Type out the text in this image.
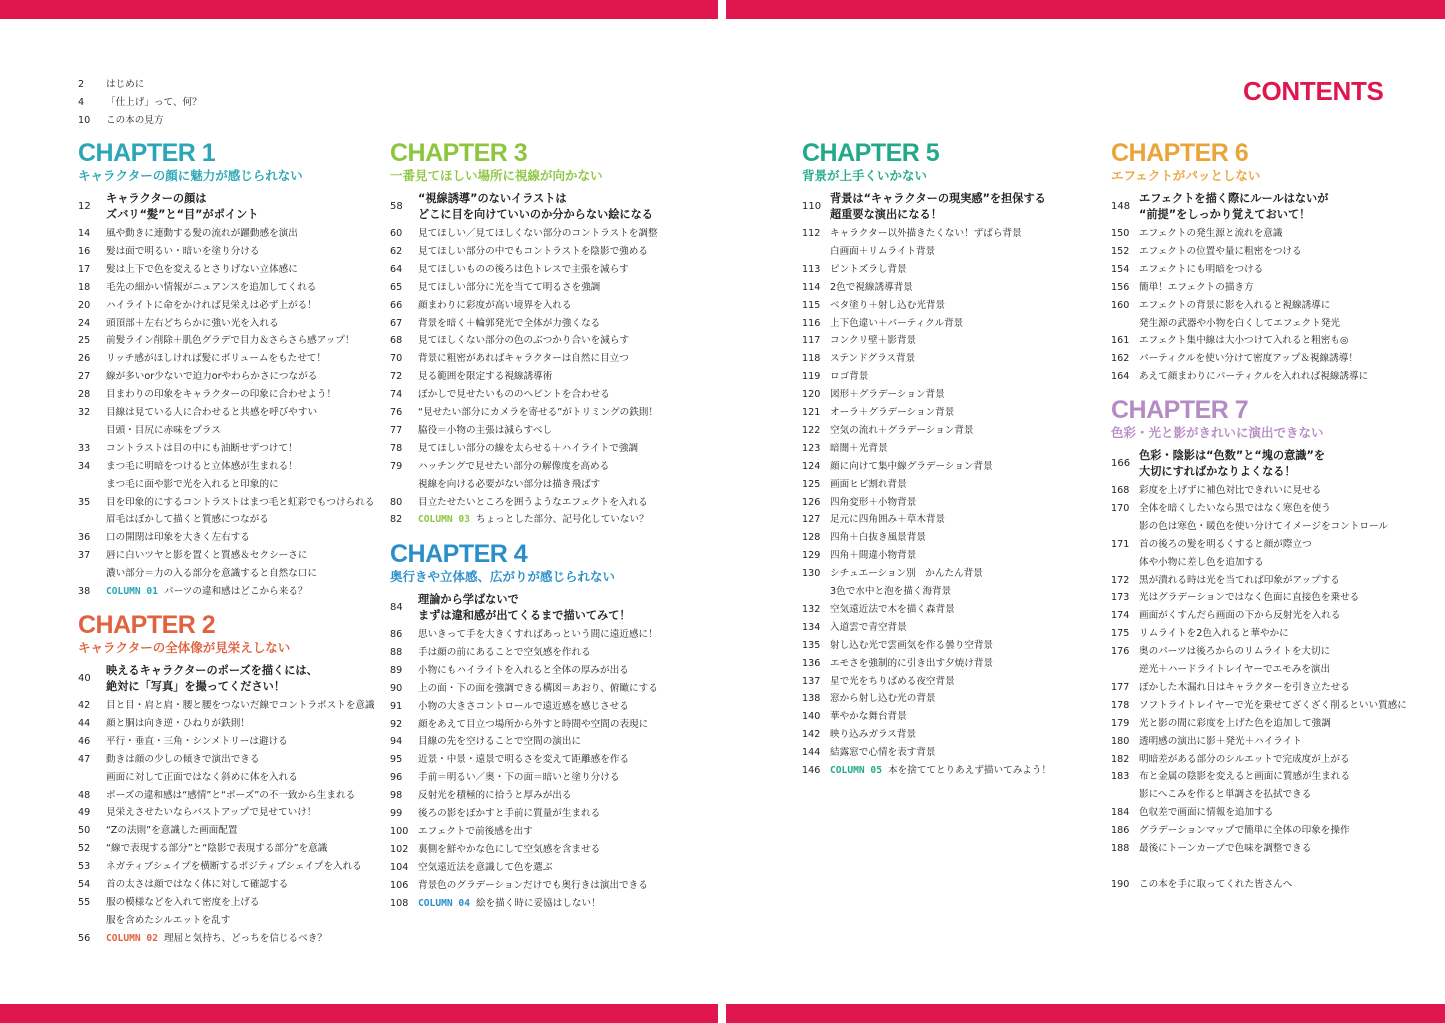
CONTENTS
2	はじめに
4	「仕上げ」って、何？
10	この本の見方
CHAPTER 1
キャラクターの顔に魅力が感じられない
12
キャラクターの顔は
ズバリ“髪”と“目”がポイント
14	風や動きに連動する髪の流れが躍動感を演出
16	髪は面で明るい・暗いを塗り分ける
17	髪は上下で色を変えるとさりげない立体感に
18	毛先の細かい情報がニュアンスを追加してくれる
20	ハイライトに命をかければ見栄えは必ず上がる！
24	頭頂部＋左右どちらかに強い光を入れる
25	前髪ライン削除＋肌色グラデで目力＆さらさら感アップ！
26	リッチ感がほしければ髪にボリュームをもたせて！
27	線が多いor少ないで迫力orやわらかさにつながる
28	目まわりの印象をキャラクターの印象に合わせよう！
32	目線は見ている人に合わせると共感を呼びやすい
目頭・目尻に赤味をプラス
33	コントラストは目の中にも油断せずつけて！
34	まつ毛に明暗をつけると立体感が生まれる！
まつ毛に面や影で光を入れると印象的に
35	目を印象的にするコントラストはまつ毛と虹彩でもつけられる
眉毛はぼかして描くと質感につながる
36	口の開閉は印象を大きく左右する
37	唇に白いツヤと影を置くと質感＆セクシーさに
濃い部分＝力の入る部分を意識すると自然な口に
38	COLUMN 01 パーツの違和感はどこから来る？
CHAPTER 2
キャラクターの全体像が見栄えしない
40
映えるキャラクターのポーズを描くには、
絶対に「写真」を撮ってください！
42	目と目・肩と肩・腰と腰をつないだ線でコントラポストを意識
44	顔と胴は向き逆・ひねりが鉄則！
46	平行・垂直・三角・シンメトリーは避ける
47	動きは顔の少しの傾きで演出できる
画面に対して正面ではなく斜めに体を入れる
48	ポーズの違和感は“感情”と“ポーズ”の不一致から生まれる
49	見栄えさせたいならバストアップで見せていけ！
50	“Zの法則”を意識した画面配置
52	“線で表現する部分”と“陰影で表現する部分”を意識
53	ネガティブシェイプを横断するポジティブシェイプを入れる
54	首の太さは顔ではなく体に対して確認する
55	服の模様などを入れて密度を上げる
服を含めたシルエットを乱す
56	COLUMN 02 理屈と気持ち、どっちを信じるべき？
CHAPTER 3
一番見てほしい場所に視線が向かない
58
“視線誘導”のないイラストは
どこに目を向けていいのか分からない絵になる
60	見てほしい／見てほしくない部分のコントラストを調整
62	見てほしい部分の中でもコントラストを陰影で強める
64	見てほしいものの後ろは色トレスで主張を減らす
65	見てほしい部分に光を当てて明るさを強調
66	顔まわりに彩度が高い境界を入れる
67	背景を暗く＋輪郭発光で全体が力強くなる
68	見てほしくない部分の色のぶつかり合いを減らす
70	背景に粗密があればキャラクターは自然に目立つ
72	見る範囲を限定する視線誘導術
74	ぼかしで見せたいもののヘビントを合わせる
76	“見せたい部分にカメラを寄せる”がトリミングの鉄則！
77	脇役＝小物の主張は減らすべし
78	見てほしい部分の線を太らせる＋ハイライトで強調
79	ハッチングで見せたい部分の解像度を高める
視線を向ける必要がない部分は描き飛ばす
80	目立たせたいところを囲うようなエフェクトを入れる
82	COLUMN 03 ちょっとした部分、記号化していない？
CHAPTER 4
奥行きや立体感、広がりが感じられない
84
理論から学ばないで
まずは違和感が出てくるまで描いてみて！
86	思いきって手を大きくすればあっという間に遠近感に！
88	手は顔の前にあることで空気感を作れる
89	小物にもハイライトを入れると全体の厚みが出る
90	上の面・下の面を強調できる構図＝あおり、俯瞰にする
91	小物の大きさコントロールで遠近感を感じさせる
92	顔をあえて目立つ場所から外すと時間や空間の表現に
94	目線の先を空けることで空間の演出に
95	近景・中景・遠景で明るさを変えて距離感を作る
96	手前＝明るい／奥・下の面＝暗いと塗り分ける
98	反射光を積極的に拾うと厚みが出る
99	後ろの影をぼかすと手前に質量が生まれる
100	エフェクトで前後感を出す
102	裏側を鮮やかな色にして空気感を含ませる
104	空気遠近法を意識して色を選ぶ
106	背景色のグラデーションだけでも奥行きは演出できる
108	COLUMN 04 絵を描く時に妥協はしない！
CHAPTER 5
背景が上手くいかない
110
背景は“キャラクターの現実感”を担保する
超重要な演出になる！
112	キャラクター以外描きたくない！ずばら背景
白画面＋リムライト背景
113	ピントズラし背景
114	2色で視線誘導背景
115	ベタ塗り＋射し込む光背景
116	上下色違い＋パーティクル背景
117	コンクリ壁＋影背景
118	ステンドグラス背景
119	ロゴ背景
120	図形＋グラデーション背景
121	オーラ＋グラデーション背景
122	空気の流れ＋グラデーション背景
123	暗闇＋光背景
124	顔に向けて集中線グラデーション背景
125	画面ヒビ割れ背景
126	四角変形＋小物背景
127	足元に四角囲み＋草木背景
128	四角＋白抜き風景背景
129	四角＋間違小物背景
130	シチュエーション別　かんたん背景
3色で水中と泡を描く海背景
132	空気遠近法で木を描く森背景
134	入道雲で青空背景
135	射し込む光で雲画気を作る曇り空背景
136	エモさを強制的に引き出す夕焼け背景
137	星で光をちりばめる夜空背景
138	窓から射し込む光の背景
140	華やかな舞台背景
142	映り込みガラス背景
144	結露窓で心情を表す背景
146	COLUMN 05 本を捨ててとりあえず描いてみよう！
CHAPTER 6
エフェクトがパッとしない
148
エフェクトを描く際にルールはないが
“前提”をしっかり覚えておいて！
150	エフェクトの発生源と流れを意識
152	エフェクトの位置や量に粗密をつける
154	エフェクトにも明暗をつける
156	簡単！エフェクトの描き方
160	エフェクトの背景に影を入れると視線誘導に
発生源の武器や小物を白くしてエフェクト発光
161	エフェクト集中線は大小つけて入れると粗密も◎
162	パーティクルを使い分けて密度アップ＆視線誘導！
164	あえて顔まわりにパーティクルを入れれば視線誘導に
CHAPTER 7
色彩・光と影がきれいに演出できない
166
色彩・陰影は“色数”と“塊の意識”を
大切にすればかなりよくなる！
168	彩度を上げずに補色対比できれいに見せる
170	全体を暗くしたいなら黒ではなく寒色を使う
影の色は寒色・暖色を使い分けてイメージをコントロール
171	首の後ろの髪を明るくすると顔が際立つ
体や小物に差し色を追加する
172	黒が潰れる時は光を当てれば印象がアップする
173	光はグラデーションではなく色面に直接色を乗せる
174	画面がくすんだら画面の下から反射光を入れる
175	リムライトを2色入れると華やかに
176	奥のパーツは後ろからのリムライトを大切に
逆光＋ハードライトレイヤーでエモみを演出
177	ぼかした木漏れ日はキャラクターを引き立たせる
178	ソフトライトレイヤーで光を乗せてざくざく削るといい質感に
179	光と影の間に彩度を上げた色を追加して強調
180	透明感の演出に影＋発光＋ハイライト
182	明暗差がある部分のシルエットで完成度が上がる
183	布と金属の陰影を変えると画面に質感が生まれる
影にへこみを作ると単調さを払拭できる
184	色収差で画面に情報を追加する
186	グラデーションマップで簡単に全体の印象を操作
188	最後にトーンカーブで色味を調整できる
190	この本を手に取ってくれた皆さんへ
